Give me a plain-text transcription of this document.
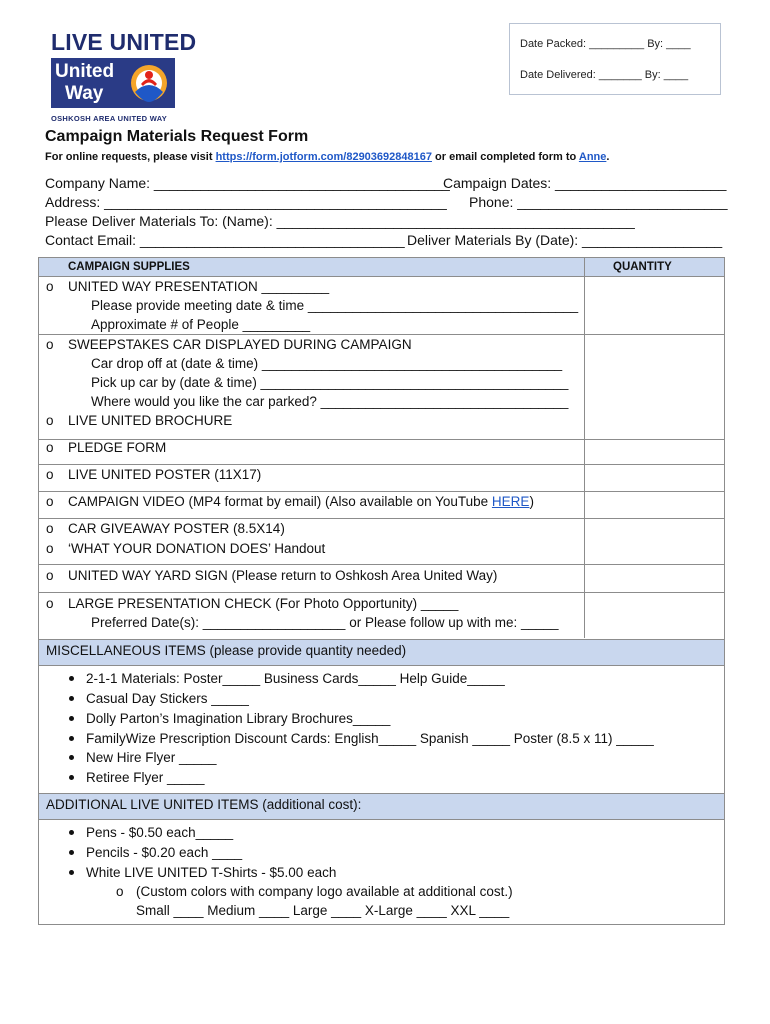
LIVE UNITED
United
Way
OSHKOSH AREA UNITED WAY
Date Packed: _________ By: ____
Date Delivered: _______ By: ____
Campaign Materials Request Form
For online requests, please visit https://form.jotform.com/82903692848167 or email completed form to Anne.
Company Name: ______________________________________
Campaign Dates: ______________________
Address: ____________________________________________ Phone: ___________________________
Please Deliver Materials To: (Name): ______________________________________________
Contact Email: __________________________________ Deliver Materials By (Date): __________________
CAMPAIGN SUPPLIES	QUANTITY
o UNITED WAY PRESENTATION _________
Please provide meeting date & time ____________________________________
Approximate # of People _________
o SWEEPSTAKES CAR DISPLAYED DURING CAMPAIGN
Car drop off at (date & time) ________________________________________
Pick up car by (date & time) _________________________________________
Where would you like the car parked? _________________________________
o LIVE UNITED BROCHURE
o PLEDGE FORM
o LIVE UNITED POSTER (11X17)
o CAMPAIGN VIDEO (MP4 format by email) (Also available on YouTube HERE)
o CAR GIVEAWAY POSTER (8.5X14)
o ‘WHAT YOUR DONATION DOES’ Handout
o UNITED WAY YARD SIGN (Please return to Oshkosh Area United Way)
o LARGE PRESENTATION CHECK (For Photo Opportunity) _____
Preferred Date(s): ___________________ or Please follow up with me: _____
MISCELLANEOUS ITEMS (please provide quantity needed)
2-1-1 Materials: Poster_____ Business Cards_____ Help Guide_____
Casual Day Stickers _____
Dolly Parton’s Imagination Library Brochures_____
FamilyWize Prescription Discount Cards: English_____ Spanish _____ Poster (8.5 x 11) _____
New Hire Flyer _____
Retiree Flyer _____
ADDITIONAL LIVE UNITED ITEMS (additional cost):
Pens - $0.50 each_____
Pencils - $0.20 each ____
White LIVE UNITED T-Shirts - $5.00 each
o (Custom colors with company logo available at additional cost.)
Small ____ Medium ____ Large ____ X-Large ____ XXL ____
